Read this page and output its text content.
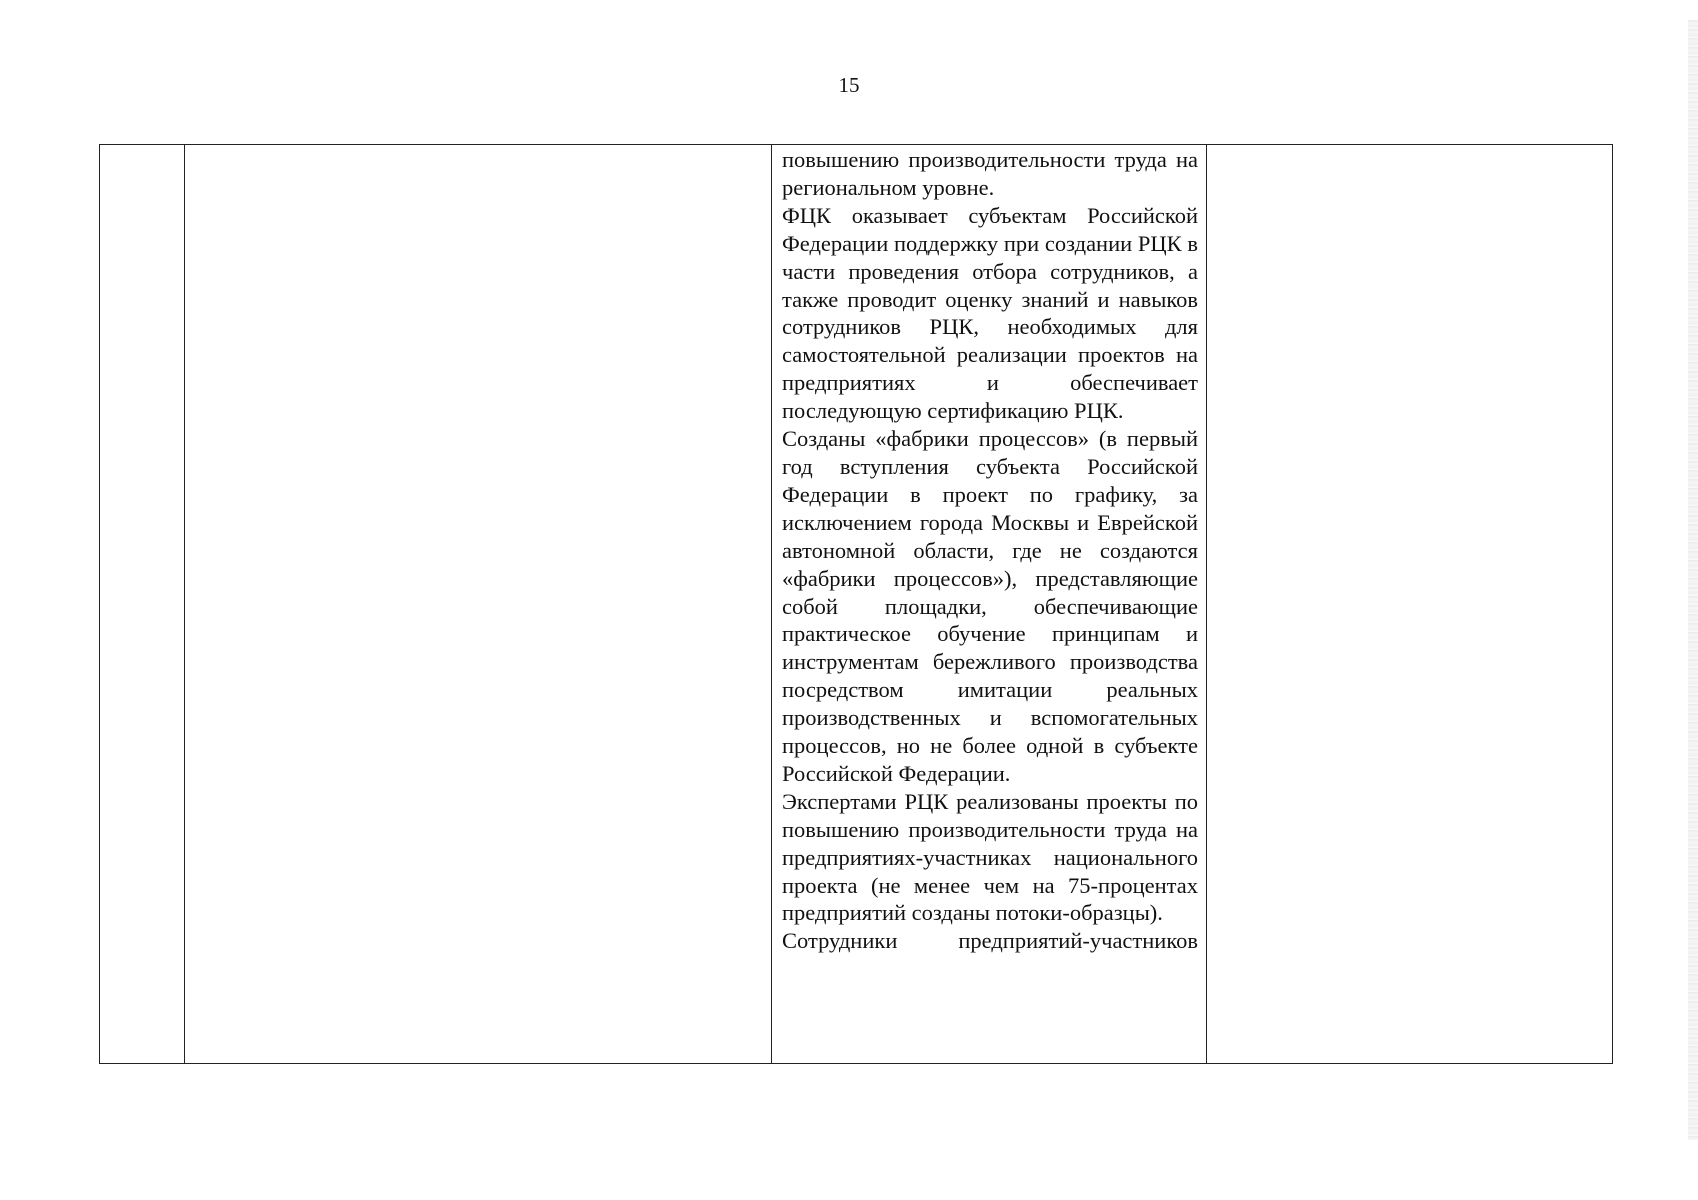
15

повышению производительности труда на региональном уровне.

ФЦК оказывает субъектам Российской Федерации поддержку при создании РЦК в части проведения отбора сотрудников, а также проводит оценку знаний и навыков сотрудников РЦК, необходимых для самостоятельной реализации проектов на предприятиях и обеспечивает последующую сертификацию РЦК.

Созданы «фабрики процессов» (в первый год вступления субъекта Российской Федерации в проект по графику, за исключением города Москвы и Еврейской автономной области, где не создаются «фабрики процессов»), представляющие собой площадки, обеспечивающие практическое обучение принципам и инструментам бережливого производства посредством имитации реальных производственных и вспомогательных процессов, но не более одной в субъекте Российской Федерации.

Экспертами РЦК реализованы проекты по повышению производительности труда на предприятиях-участниках национального проекта (не менее чем на 75-процентах предприятий созданы потоки-образцы).

Сотрудники предприятий-участников
